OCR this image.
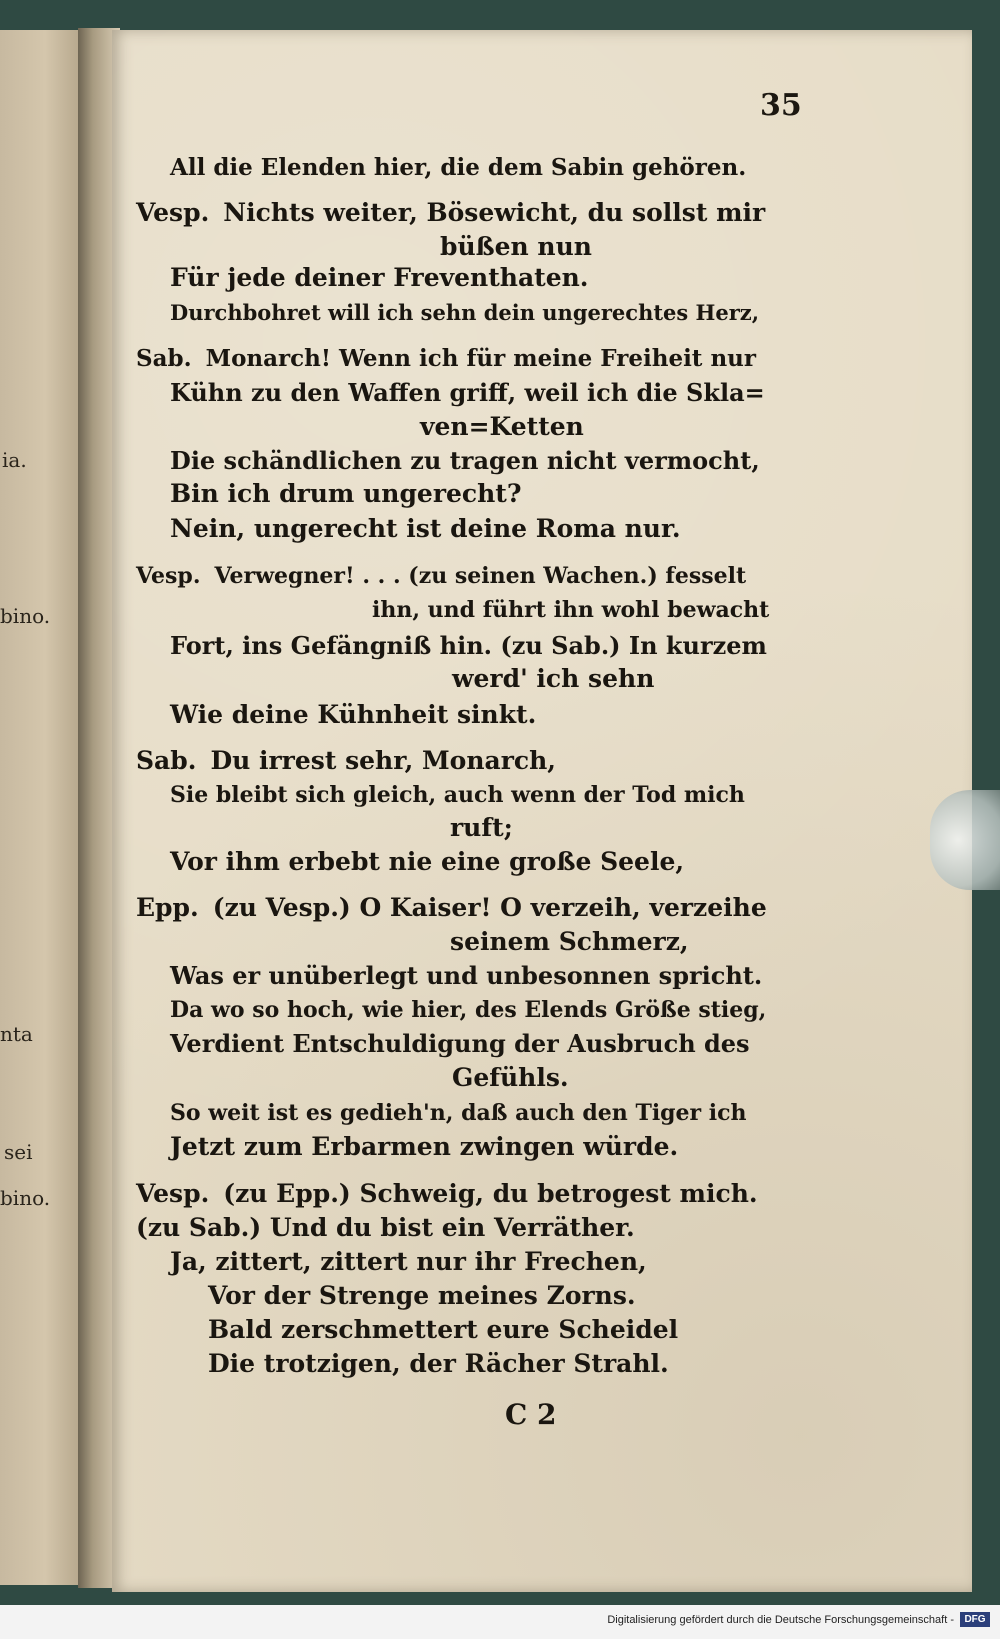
ia.
bino.
nta
sei
bino.
35
All die Elenden hier, die dem Sabin gehören.
Vesp. Nichts weiter, Bösewicht, du sollst mir
büßen nun
Für jede deiner Freventhaten.
Durchbohret will ich sehn dein ungerechtes Herz,
Sab. Monarch! Wenn ich für meine Freiheit nur
Kühn zu den Waffen griff, weil ich die Skla=
ven=Ketten
Die schändlichen zu tragen nicht vermocht,
Bin ich drum ungerecht?
Nein, ungerecht ist deine Roma nur.
Vesp. Verwegner! . . . (zu seinen Wachen.) fesselt
ihn, und führt ihn wohl bewacht
Fort, ins Gefängniß hin. (zu Sab.) In kurzem
werd' ich sehn
Wie deine Kühnheit sinkt.
Sab. Du irrest sehr, Monarch,
Sie bleibt sich gleich, auch wenn der Tod mich
ruft;
Vor ihm erbebt nie eine große Seele,
Epp. (zu Vesp.) O Kaiser! O verzeih, verzeihe
seinem Schmerz,
Was er unüberlegt und unbesonnen spricht.
Da wo so hoch, wie hier, des Elends Größe stieg,
Verdient Entschuldigung der Ausbruch des
Gefühls.
So weit ist es gedieh'n, daß auch den Tiger ich
Jetzt zum Erbarmen zwingen würde.
Vesp. (zu Epp.) Schweig, du betrogest mich.
(zu Sab.) Und du bist ein Verräther.
Ja, zittert, zittert nur ihr Frechen,
Vor der Strenge meines Zorns.
Bald zerschmettert eure Scheidel
Die trotzigen, der Rächer Strahl.
C 2
Digitalisierung gefördert durch die Deutsche Forschungsgemeinschaft -	DFG
